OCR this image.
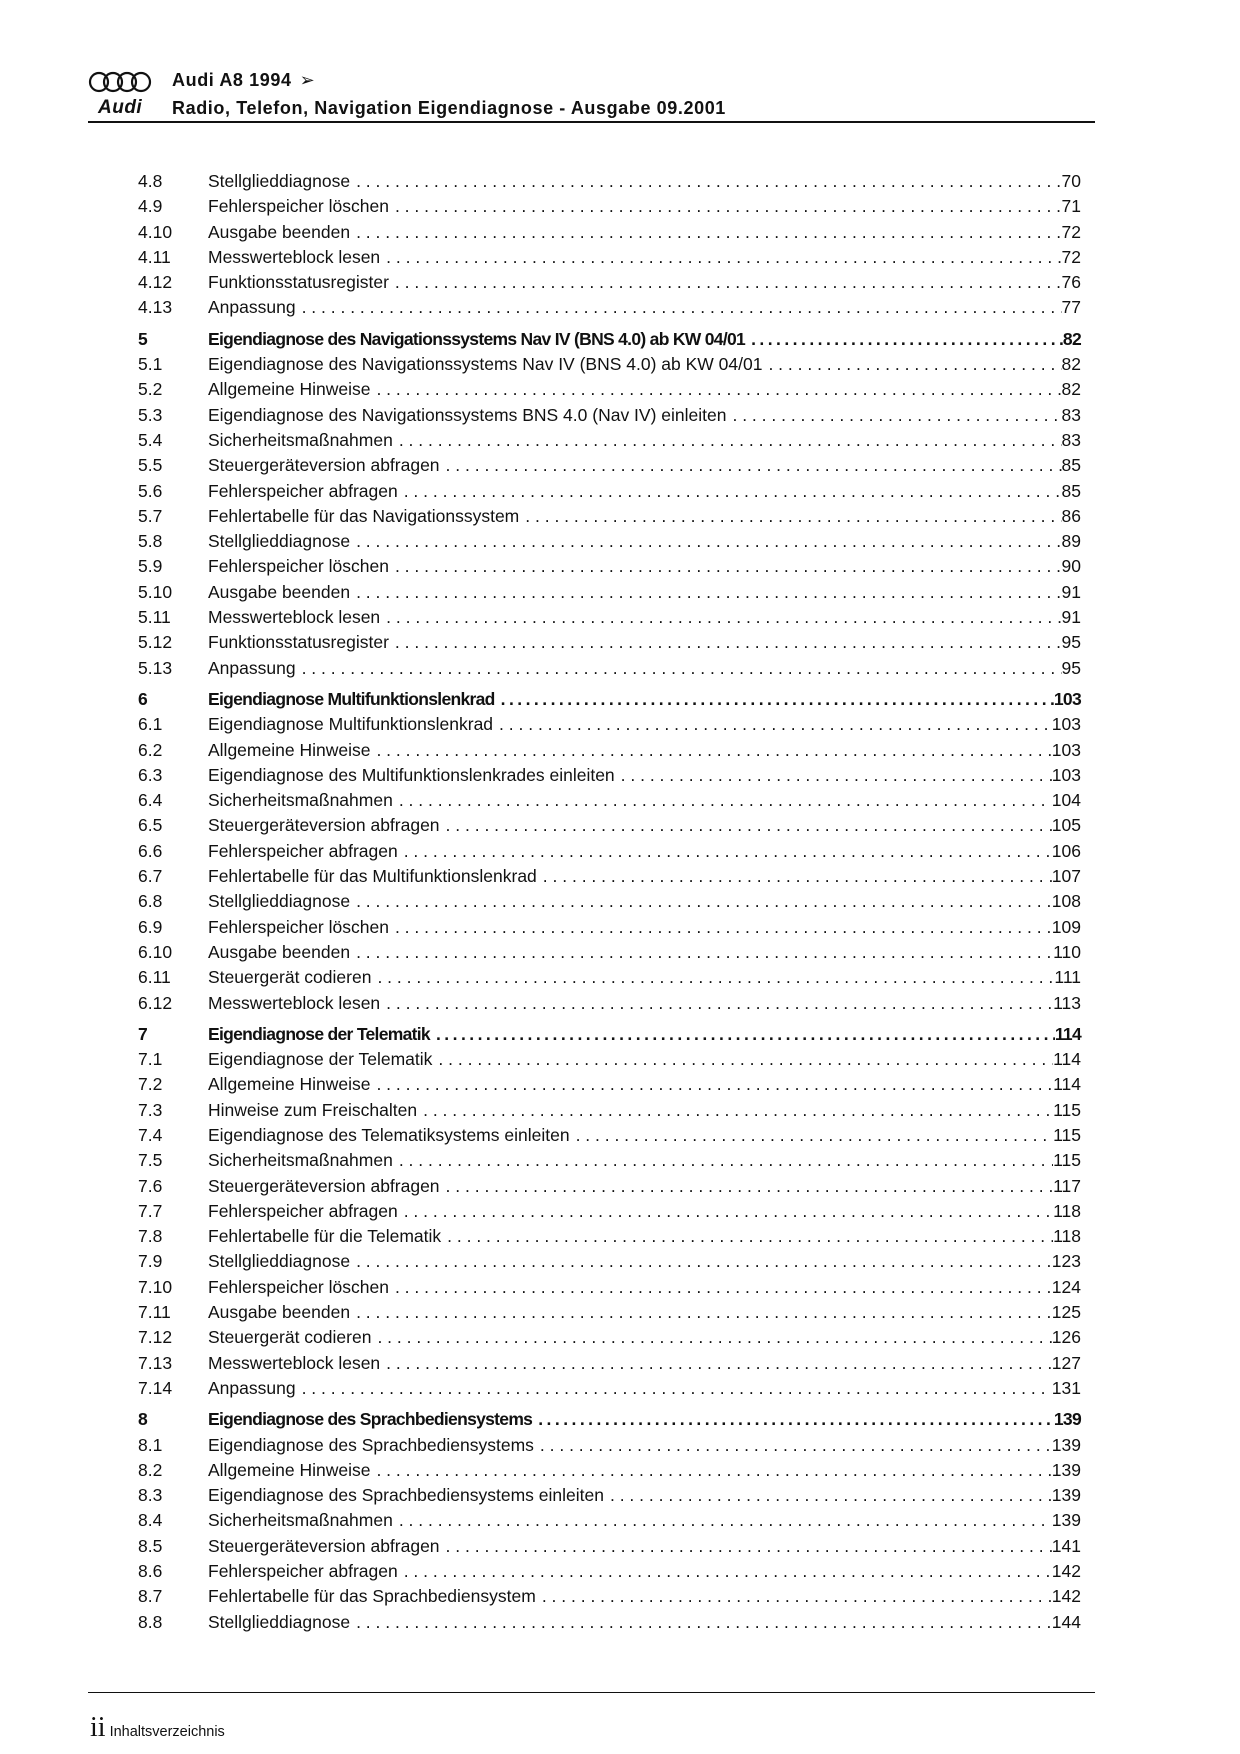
Audi
Audi A8 1994 ➢
Radio, Telefon, Navigation Eigendiagnose - Ausgabe 09.2001
4.8	Stellglieddiagnose . . .	70
4.9	Fehlerspeicher löschen . . .	71
4.10 Ausgabe beenden . . .	72
4.11 Messwerteblock lesen . . .	72
4.12 Funktionsstatusregister . . .	76
4.13 Anpassung . . .	77
5	Eigendiagnose des Navigationssystems Nav IV (BNS 4.0) ab KW 04/01 . . .	82
5.1	Eigendiagnose des Navigationssystems Nav IV (BNS 4.0) ab KW 04/01 . . .	82
5.2	Allgemeine Hinweise . . .	82
5.3	Eigendiagnose des Navigationssystems BNS 4.0 (Nav IV) einleiten . . .	83
5.4	Sicherheitsmaßnahmen . . .	83
5.5	Steuergeräteversion abfragen . . .	85
5.6	Fehlerspeicher abfragen . . .	85
5.7	Fehlertabelle für das Navigationssystem . . .	86
5.8	Stellglieddiagnose . . .	89
5.9	Fehlerspeicher löschen . . .	90
5.10 Ausgabe beenden . . .	91
5.11 Messwerteblock lesen . . .	91
5.12 Funktionsstatusregister . . .	95
5.13 Anpassung . . .	95
6	Eigendiagnose Multifunktionslenkrad . . .	103
6.1	Eigendiagnose Multifunktionslenkrad . . .	103
6.2	Allgemeine Hinweise . . .	103
6.3	Eigendiagnose des Multifunktionslenkrades einleiten . . .	103
6.4	Sicherheitsmaßnahmen . . .	104
6.5	Steuergeräteversion abfragen . . .	105
6.6	Fehlerspeicher abfragen . . .	106
6.7	Fehlertabelle für das Multifunktionslenkrad . . .	107
6.8	Stellglieddiagnose . . .	108
6.9	Fehlerspeicher löschen . . .	109
6.10 Ausgabe beenden . . .	110
6.11 Steuergerät codieren . . .	111
6.12 Messwerteblock lesen . . .	113
7	Eigendiagnose der Telematik . . .	114
7.1	Eigendiagnose der Telematik . . .	114
7.2	Allgemeine Hinweise . . .	114
7.3	Hinweise zum Freischalten . . .	115
7.4	Eigendiagnose des Telematiksystems einleiten . . .	115
7.5	Sicherheitsmaßnahmen . . .	115
7.6	Steuergeräteversion abfragen . . .	117
7.7	Fehlerspeicher abfragen . . .	118
7.8	Fehlertabelle für die Telematik . . .	118
7.9	Stellglieddiagnose . . .	123
7.10 Fehlerspeicher löschen . . .	124
7.11 Ausgabe beenden . . .	125
7.12 Steuergerät codieren . . .	126
7.13 Messwerteblock lesen . . .	127
7.14 Anpassung . . .	131
8	Eigendiagnose des Sprachbediensystems . . .	139
8.1	Eigendiagnose des Sprachbediensystems . . .	139
8.2	Allgemeine Hinweise . . .	139
8.3	Eigendiagnose des Sprachbediensystems einleiten . . .	139
8.4	Sicherheitsmaßnahmen . . .	139
8.5	Steuergeräteversion abfragen . . .	141
8.6	Fehlerspeicher abfragen . . .	142
8.7	Fehlertabelle für das Sprachbediensystem . . .	142
8.8	Stellglieddiagnose . . .	144
ii Inhaltsverzeichnis
